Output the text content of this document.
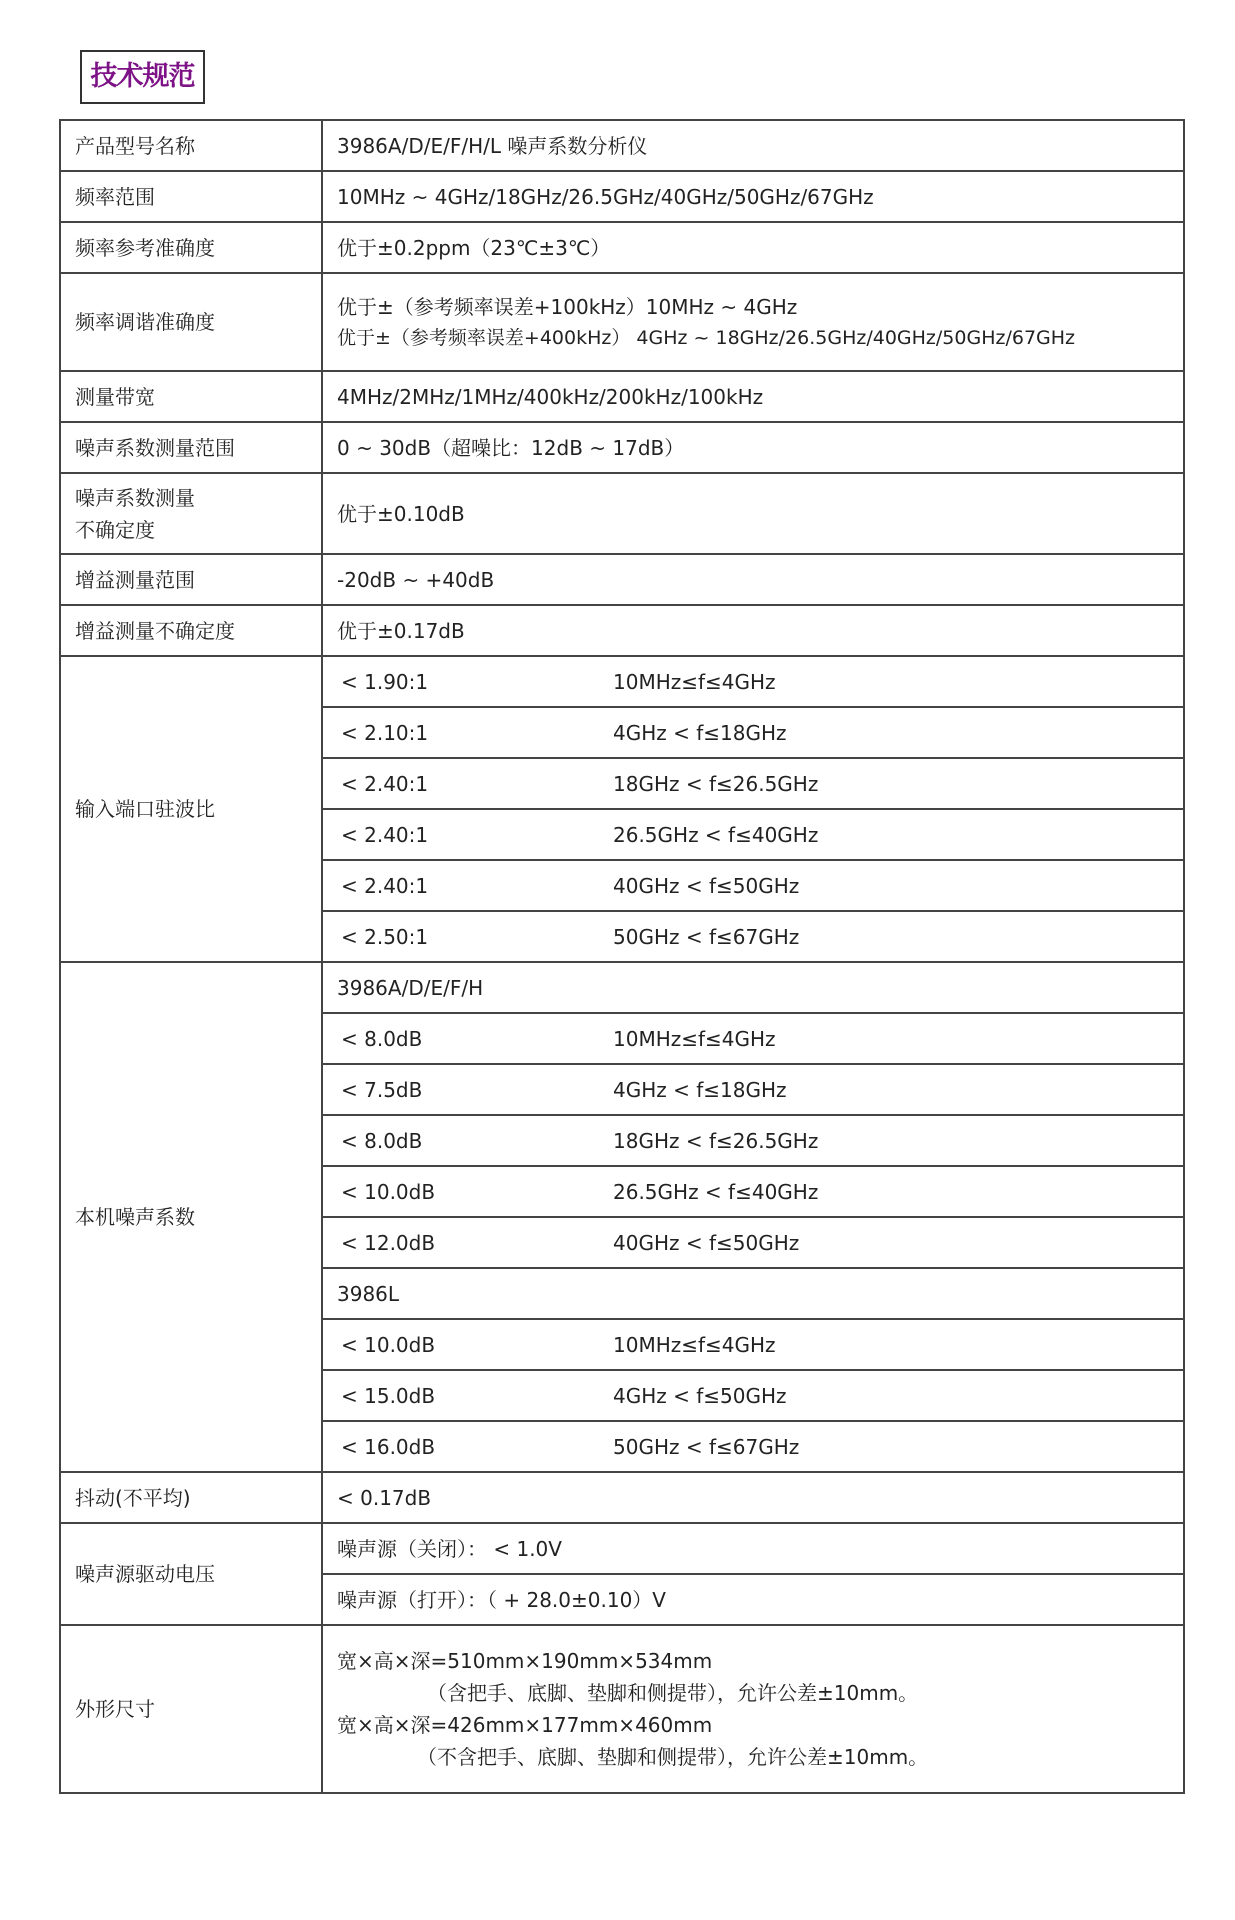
技术规范
产品型号名称	3986A/D/E/F/H/L 噪声系数分析仪
频率范围	10MHz ~ 4GHz/18GHz/26.5GHz/40GHz/50GHz/67GHz
频率参考准确度	优于±0.2ppm（23℃±3℃）
频率调谐准确度	优于±（参考频率误差+100kHz）10MHz ~ 4GHz
优于±（参考频率误差+400kHz） 4GHz ~ 18GHz/26.5GHz/40GHz/50GHz/67GHz

测量带宽	4MHz/2MHz/1MHz/400kHz/200kHz/100kHz
噪声系数测量范围	0 ~ 30dB（超噪比：12dB ~ 17dB）

噪声系数测量
不确定度	优于±0.10dB
增益测量范围	-20dB ~ +40dB
增益测量不确定度	优于±0.17dB
输入端口驻波比	< 1.90:1 10MHz≤f≤4GHz

	< 2.10:1 4GHz < f≤18GHz

	< 2.40:1 18GHz < f≤26.5GHz

	< 2.40:1 26.5GHz < f≤40GHz

	< 2.40:1 40GHz < f≤50GHz

	< 2.50:1 50GHz < f≤67GHz

本机噪声系数	3986A/D/E/F/H

	< 8.0dB 10MHz≤f≤4GHz

	< 7.5dB 4GHz < f≤18GHz

	< 8.0dB 18GHz < f≤26.5GHz

	< 10.0dB 26.5GHz < f≤40GHz

	< 12.0dB 40GHz < f≤50GHz

	3986L

	< 10.0dB 10MHz≤f≤4GHz

	< 15.0dB 4GHz < f≤50GHz

	< 16.0dB 50GHz < f≤67GHz

抖动(不平均)	< 0.17dB
噪声源驱动电压	噪声源（关闭）： < 1.0V
	噪声源（打开）：（ + 28.0±0.10）V
外形尺寸	宽×高×深=510mm×190mm×534mm
（含把手、底脚、垫脚和侧提带），允许公差±10mm。
宽×高×深=426mm×177mm×460mm
（不含把手、底脚、垫脚和侧提带），允许公差±10mm。
